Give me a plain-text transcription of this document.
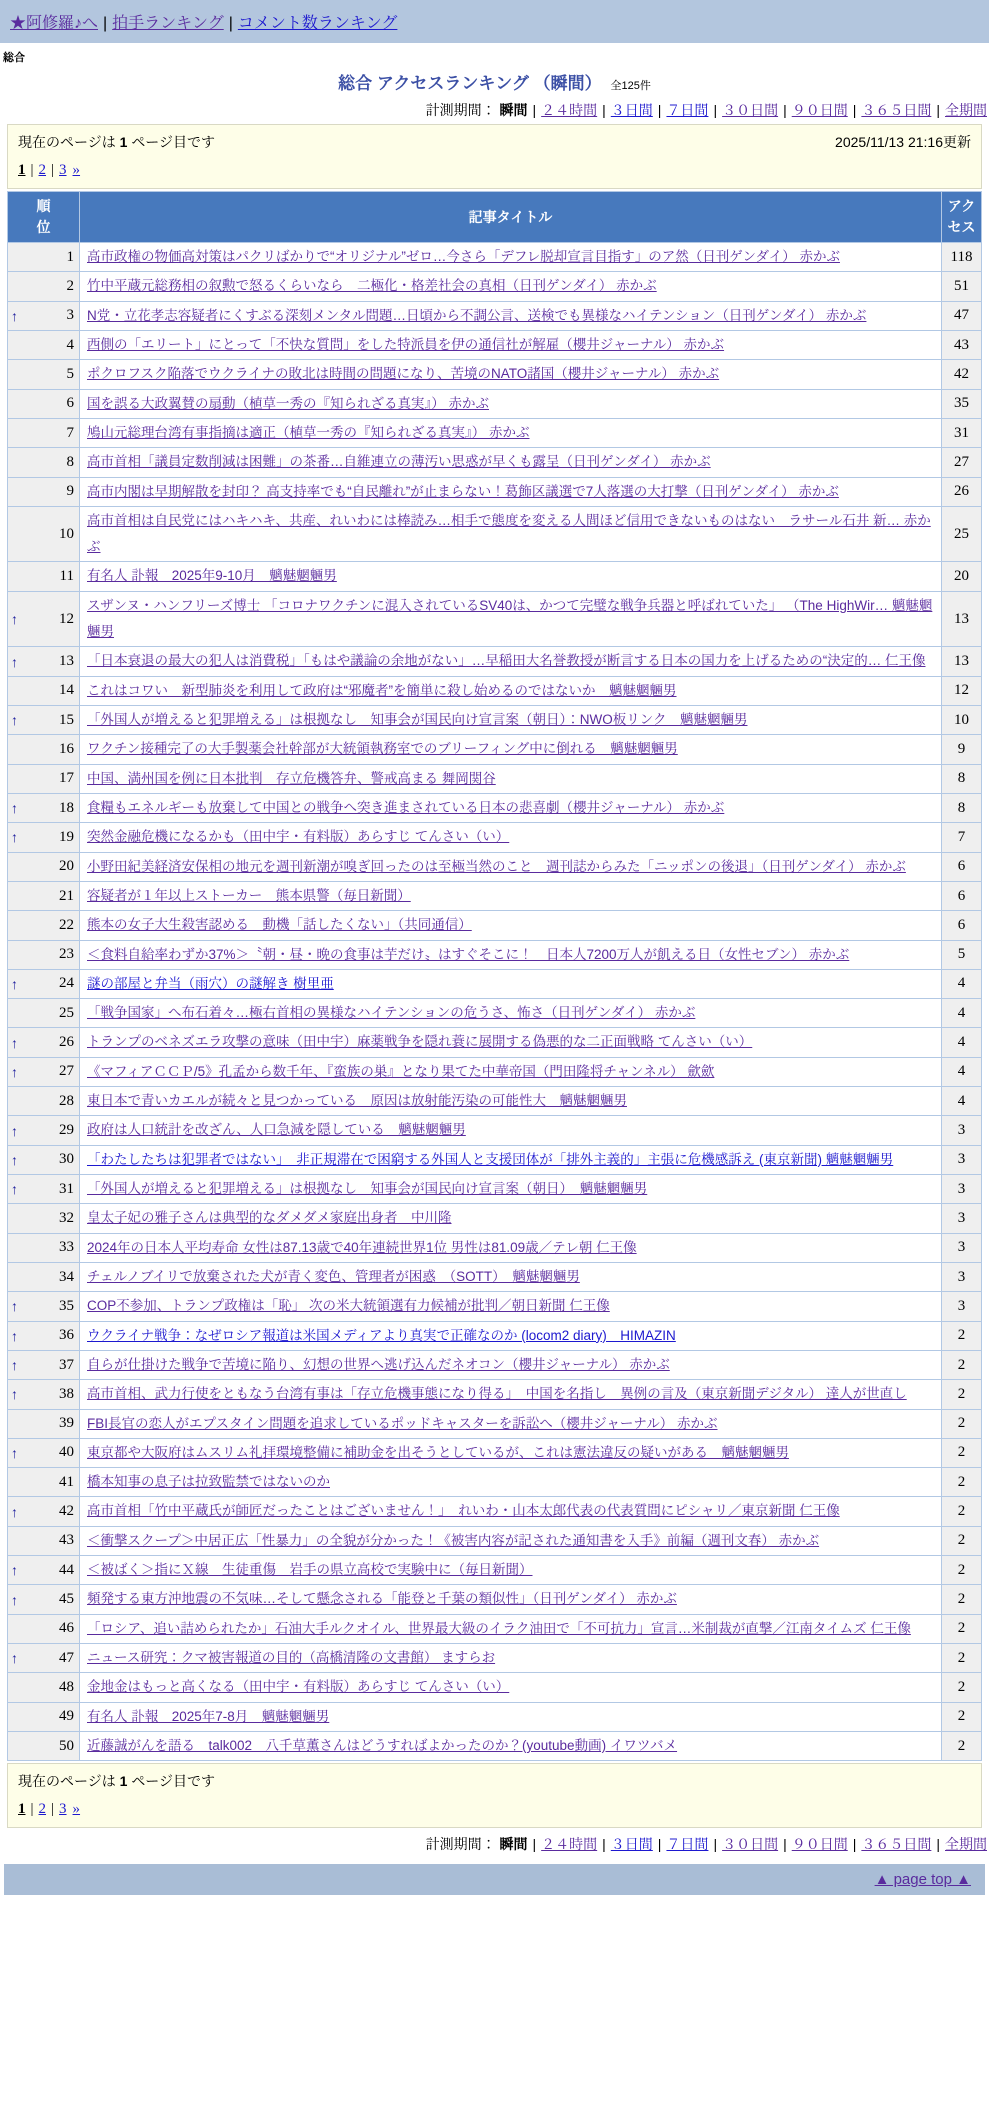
★阿修羅♪へ | 拍手ランキング | コメント数ランキング
総合
総合 アクセスランキング （瞬間） 全125件
計測期間： 瞬間 | ２４時間 | ３日間 | ７日間 | ３０日間 | ９０日間 | ３６５日間 | 全期間
現在のページは 1 ページ目です	2025/11/13 21:16更新
1 | 2 | 3 »
順位	記事タイトル	アクセス

1	高市政権の物価高対策はパクリばかりで“オリジナル”ゼロ…今さら「デフレ脱却宣言目指す」のア然（日刊ゲンダイ） 赤かぶ	118

2	竹中平蔵元総務相の叙勲で怒るくらいなら　二極化・格差社会の真相（日刊ゲンダイ） 赤かぶ	51

↑ 3	N党・立花孝志容疑者にくすぶる深刻メンタル問題…日頃から不調公言、送検でも異様なハイテンション（日刊ゲンダイ） 赤かぶ	47

4	西側の「エリート」にとって「不快な質問」をした特派員を伊の通信社が解雇（櫻井ジャーナル） 赤かぶ	43

5	ポクロフスク陥落でウクライナの敗北は時間の問題になり、苦境のNATO諸国（櫻井ジャーナル） 赤かぶ	42

6	国を誤る大政翼賛の扇動（植草一秀の『知られざる真実』） 赤かぶ	35

7	鳩山元総理台湾有事指摘は適正（植草一秀の『知られざる真実』） 赤かぶ	31

8	高市首相「議員定数削減は困難」の茶番…自維連立の薄汚い思惑が早くも露呈（日刊ゲンダイ） 赤かぶ	27

9	高市内閣は早期解散を封印？ 高支持率でも“自民離れ”が止まらない！葛飾区議選で7人落選の大打撃（日刊ゲンダイ） 赤かぶ	26

10	高市首相は自民党にはハキハキ、共産、れいわには棒読み…相手で態度を変える人間ほど信用できないものはない　ラサール石井 新… 赤かぶ	25

11	有名人 訃報　2025年9-10月　魑魅魍魎男	20

↑ 12	スザンヌ・ハンフリーズ博士 「コロナワクチンに混入されているSV40は、かつて完璧な戦争兵器と呼ばれていた」 （The HighWir… 魑魅魍魎男	13

↑ 13	「日本衰退の最大の犯人は消費税」「もはや議論の余地がない」…早稲田大名誉教授が断言する日本の国力を上げるための“決定的… 仁王像	13

14	これはコワい　新型肺炎を利用して政府は“邪魔者”を簡単に殺し始めるのではないか　魑魅魍魎男	12

↑ 15	「外国人が増えると犯罪増える」は根拠なし　知事会が国民向け宣言案（朝日）：NWO板リンク　魑魅魍魎男	10

16	ワクチン接種完了の大手製薬会社幹部が大統領執務室でのブリーフィング中に倒れる　魑魅魍魎男	9

17	中国、満州国を例に日本批判　存立危機答弁、警戒高まる 舞岡関谷	8

↑ 18	食糧もエネルギーも放棄して中国との戦争へ突き進まされている日本の悲喜劇（櫻井ジャーナル） 赤かぶ	8

↑ 19	突然金融危機になるかも（田中宇・有料版）あらすじ てんさい（い）	7

20	小野田紀美経済安保相の地元を週刊新潮が嗅ぎ回ったのは至極当然のこと　週刊誌からみた「ニッポンの後退」（日刊ゲンダイ） 赤かぶ	6

21	容疑者が１年以上ストーカー　熊本県警（毎日新聞）	6

22	熊本の女子大生殺害認める　動機「話したくない」（共同通信）	6

23	＜食料自給率わずか37%＞〝朝・昼・晩の食事は芋だけ〟はすぐそこに！　日本人7200万人が飢える日（女性セブン） 赤かぶ	5

↑ 24	謎の部屋と弁当（雨穴）の謎解き 樹里亜	4

25	「戦争国家」へ布石着々…極右首相の異様なハイテンションの危うさ、怖さ（日刊ゲンダイ） 赤かぶ	4

↑ 26	トランプのベネズエラ攻撃の意味（田中宇）麻薬戦争を隠れ蓑に展開する偽悪的な二正面戦略 てんさい（い）	4

↑ 27	《マフィアＣＣＰ/5》孔孟から数千年、『蛮族の巣』となり果てた中華帝国（門田隆将チャンネル） 歛歛	4

28	東日本で青いカエルが続々と見つかっている　原因は放射能汚染の可能性大　魑魅魍魎男	4

↑ 29	政府は人口統計を改ざん、人口急減を隠している　魑魅魍魎男	3

↑ 30	「わたしたちは犯罪者ではない」　非正規滞在で困窮する外国人と支援団体が「排外主義的」主張に危機感訴え (東京新聞) 魑魅魍魎男	3

↑ 31	「外国人が増えると犯罪増える」は根拠なし　知事会が国民向け宣言案（朝日）　魑魅魍魎男	3

32	皇太子妃の雅子さんは典型的なダメダメ家庭出身者　中川隆	3

33	2024年の日本人平均寿命 女性は87.13歳で40年連続世界1位 男性は81.09歳／テレ朝 仁王像	3

34	チェルノブイリで放棄された犬が青く変色、管理者が困惑　（SOTT）　魑魅魍魎男	3

↑ 35	COP不参加、トランプ政権は「恥」 次の米大統領選有力候補が批判／朝日新聞 仁王像	3

↑ 36	ウクライナ戦争：なぜロシア報道は米国メディアより真実で正確なのか (locom2 diary)　HIMAZIN	2

↑ 37	自らが仕掛けた戦争で苦境に陥り、幻想の世界へ逃げ込んだネオコン（櫻井ジャーナル） 赤かぶ	2

↑ 38	高市首相、武力行使をともなう台湾有事は「存立危機事態になり得る」　中国を名指し　異例の言及（東京新聞デジタル） 達人が世直し	2

39	FBI長官の恋人がエプスタイン問題を追求しているポッドキャスターを訴訟へ（櫻井ジャーナル） 赤かぶ	2

↑ 40	東京都や大阪府はムスリム礼拝環境整備に補助金を出そうとしているが、これは憲法違反の疑いがある　魑魅魍魎男	2

41	橋本知事の息子は拉致監禁ではないのか	2

↑ 42	高市首相「竹中平蔵氏が師匠だったことはございません！」　れいわ・山本太郎代表の代表質問にピシャリ／東京新聞 仁王像	2

43	＜衝撃スクープ＞中居正広「性暴力」の全貌が分かった！《被害内容が記された通知書を入手》前編（週刊文春） 赤かぶ	2

↑ 44	＜被ばく＞指にＸ線　生徒重傷　岩手の県立高校で実験中に（毎日新聞）	2

↑ 45	頻発する東方沖地震の不気味…そして懸念される「能登と千葉の類似性」（日刊ゲンダイ） 赤かぶ	2

46	「ロシア、追い詰められたか」石油大手ルクオイル、世界最大級のイラク油田で「不可抗力」宣言…米制裁が直撃／江南タイムズ 仁王像	2

↑ 47	ニュース研究：クマ被害報道の目的（高橋清隆の文書館） ますらお	2

48	金地金はもっと高くなる（田中宇・有料版）あらすじ てんさい（い）	2

49	有名人 訃報　2025年7-8月　魑魅魍魎男	2

50	近藤誠がんを語る　talk002　八千草薫さんはどうすればよかったのか？(youtube動画) イワツバメ	2
現在のページは 1 ページ目です
1 | 2 | 3 »
計測期間： 瞬間 | ２４時間 | ３日間 | ７日間 | ３０日間 | ９０日間 | ３６５日間 | 全期間
▲ page top ▲
